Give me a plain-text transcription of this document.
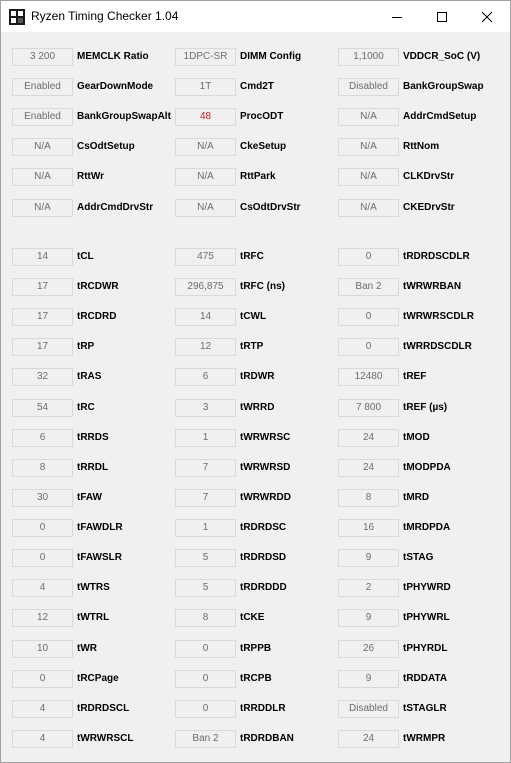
Ryzen Timing Checker 1.04
3 200	MEMCLK Ratio	1DPC-SR	DIMM Config	1,1000	VDDCR_SoC (V)
Enabled	GearDownMode	1T	Cmd2T	Disabled	BankGroupSwap
Enabled	BankGroupSwapAlt	48	ProcODT	N/A	AddrCmdSetup
N/A	CsOdtSetup	N/A	CkeSetup	N/A	RttNom
N/A	RttWr	N/A	RttPark	N/A	CLKDrvStr
N/A	AddrCmdDrvStr	N/A	CsOdtDrvStr	N/A	CKEDrvStr
14	tCL	475	tRFC	0	tRDRDSCDLR
17	tRCDWR	296,875	tRFC (ns)	Ban 2	tWRWRBAN
17	tRCDRD	14	tCWL	0	tWRWRSCDLR
17	tRP	12	tRTP	0	tWRRDSCDLR
32	tRAS	6	tRDWR	12480	tREF
54	tRC	3	tWRRD	7 800	tREF (µs)
6	tRRDS	1	tWRWRSC	24	tMOD
8	tRRDL	7	tWRWRSD	24	tMODPDA
30	tFAW	7	tWRWRDD	8	tMRD
0	tFAWDLR	1	tRDRDSC	16	tMRDPDA
0	tFAWSLR	5	tRDRDSD	9	tSTAG
4	tWTRS	5	tRDRDDD	2	tPHYWRD
12	tWTRL	8	tCKE	9	tPHYWRL
10	tWR	0	tRPPB	26	tPHYRDL
0	tRCPage	0	tRCPB	9	tRDDATA
4	tRDRDSCL	0	tRRDDLR	Disabled	tSTAGLR
4	tWRWRSCL	Ban 2	tRDRDBAN	24	tWRMPR
